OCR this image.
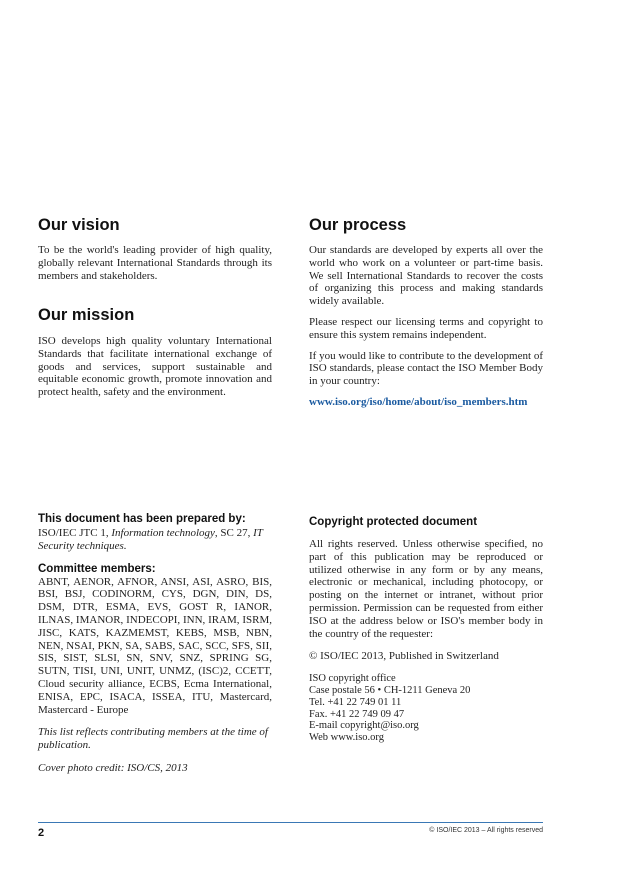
Our vision

To be the world's leading provider of high quality, globally relevant International Standards through its members and stakeholders.

Our mission

ISO develops high quality voluntary International Standards that facilitate international exchange of goods and services, support sustainable and equitable economic growth, promote innovation and protect health, safety and the environment.

Our process

Our standards are developed by experts all over the world who work on a volunteer or part-time basis. We sell International Standards to recover the costs of organizing this process and making standards widely available.

Please respect our licensing terms and copyright to ensure this system remains independent.

If you would like to contribute to the development of ISO standards, please contact the ISO Member Body in your country:

www.iso.org/iso/home/about/iso_members.htm

This document has been prepared by:

ISO/IEC JTC 1, Information technology, SC 27, IT Security techniques.

Committee members:

ABNT, AENOR, AFNOR, ANSI, ASI, ASRO, BIS, BSI, BSJ, CODINORM, CYS, DGN, DIN, DS, DSM, DTR, ESMA, EVS, GOST R, IANOR, ILNAS, IMANOR, INDECOPI, INN, IRAM, ISRM, JISC, KATS, KAZMEMST, KEBS, MSB, NBN, NEN, NSAI, PKN, SA, SABS, SAC, SCC, SFS, SII, SIS, SIST, SLSI, SN, SNV, SNZ, SPRING SG, SUTN, TISI, UNI, UNIT, UNMZ, (ISC)2, CCETT, Cloud security alliance, ECBS, Ecma International, ENISA, EPC, ISACA, ISSEA, ITU, Mastercard, Mastercard - Europe

This list reflects contributing members at the time of publication.

Cover photo credit: ISO/CS, 2013

Copyright protected document

All rights reserved. Unless otherwise specified, no part of this publication may be reproduced or utilized otherwise in any form or by any means, electronic or mechanical, including photocopy, or posting on the internet or intranet, without prior permission. Permission can be requested from either ISO at the address below or ISO's member body in the country of the requester:

© ISO/IEC 2013, Published in Switzerland

ISO copyright office
Case postale 56 • CH-1211 Geneva 20
Tel. +41 22 749 01 11
Fax. +41 22 749 09 47
E-mail copyright@iso.org
Web www.iso.org
2	© ISO/IEC 2013 – All rights reserved
